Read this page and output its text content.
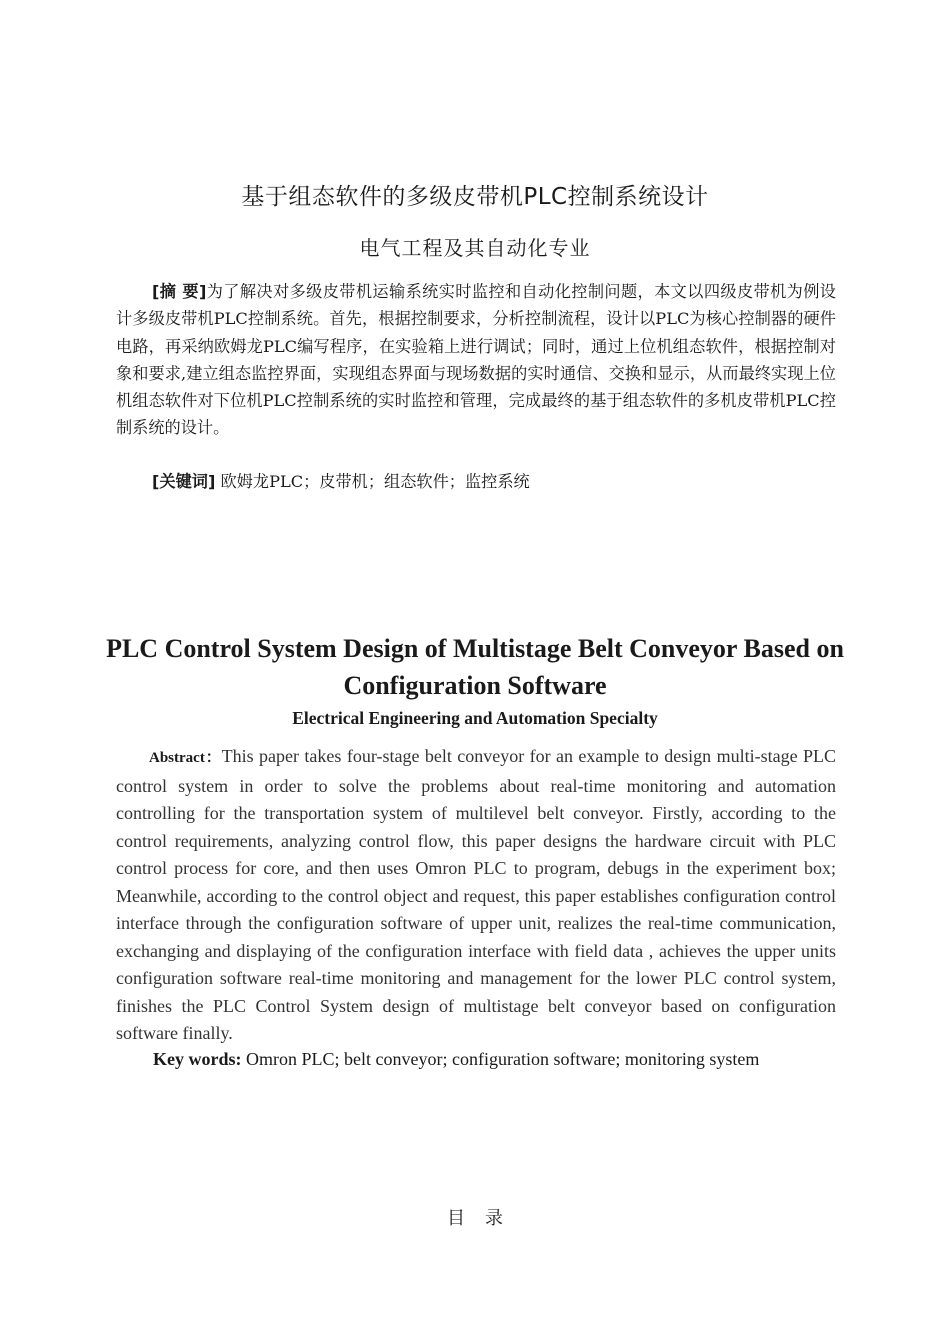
基于组态软件的多级皮带机PLC控制系统设计
电气工程及其自动化专业
[摘 要]为了解决对多级皮带机运输系统实时监控和自动化控制问题，本文以四级皮带机为例设计多级皮带机PLC控制系统。首先，根据控制要求，分析控制流程，设计以PLC为核心控制器的硬件电路，再采纳欧姆龙PLC编写程序，在实验箱上进行调试；同时，通过上位机组态软件，根据控制对象和要求,建立组态监控界面，实现组态界面与现场数据的实时通信、交换和显示，从而最终实现上位机组态软件对下位机PLC控制系统的实时监控和管理，完成最终的基于组态软件的多机皮带机PLC控制系统的设计。
[关键词] 欧姆龙PLC；皮带机；组态软件；监控系统
PLC Control System Design of Multistage Belt Conveyor Based on Configuration Software
Electrical Engineering and Automation Specialty
Abstract：This paper takes four-stage belt conveyor for an example to design multi-stage PLC control system in order to solve the problems about real-time monitoring and automation controlling for the transportation system of multilevel belt conveyor. Firstly, according to the control requirements, analyzing control flow, this paper designs the hardware circuit with PLC control process for core, and then uses Omron PLC to program, debugs in the experiment box; Meanwhile, according to the control object and request, this paper establishes configuration control interface through the configuration software of upper unit, realizes the real-time communication, exchanging and displaying of the configuration interface with field data , achieves the upper units configuration software real-time monitoring and management for the lower PLC control system, finishes the PLC Control System design of multistage belt conveyor based on configuration software finally.
Key words: Omron PLC; belt conveyor; configuration software; monitoring system
目录
